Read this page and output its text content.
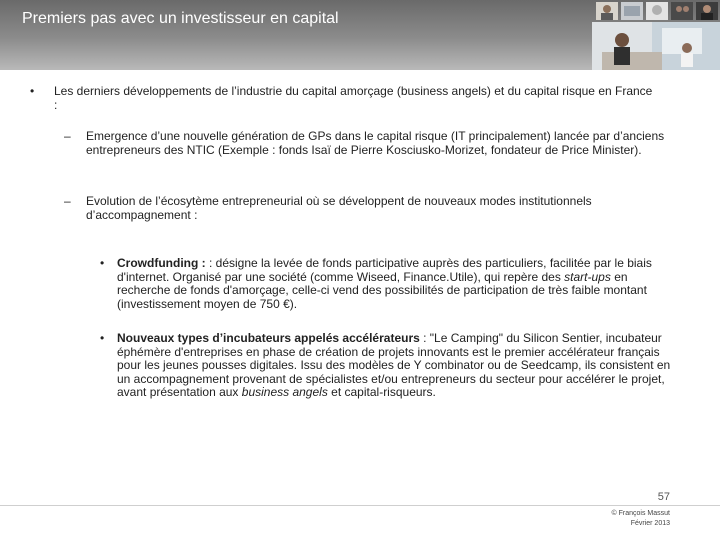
Premiers pas avec un investisseur en capital
• Les derniers développements de l’industrie du capital amorçage (business angels) et du capital risque en France :
– Emergence d’une nouvelle génération de GPs dans le capital risque (IT principalement) lancée par d’anciens entrepreneurs des NTIC (Exemple : fonds Isaï de Pierre Kosciusko-Morizet, fondateur de Price Minister).
– Evolution de l’écosytème entrepreneurial où se développent de nouveaux modes institutionnels d’accompagnement :
• Crowdfunding : : désigne la levée de fonds participative auprès des particuliers, facilitée par le biais d'internet. Organisé par une société (comme Wiseed, Finance.Utile), qui repère des start-ups en recherche de fonds d'amorçage, celle-ci vend des possibilités de participation de très faible montant (investissement moyen de 750 €).
• Nouveaux types d’incubateurs appelés accélérateurs : "Le Camping" du Silicon Sentier, incubateur éphémère d'entreprises en phase de création de projets innovants est le premier accélérateur français pour les jeunes pousses digitales. Issu des modèles de Y combinator ou de Seedcamp, ils consistent en un accompagnement provenant de spécialistes et/ou entrepreneurs du secteur pour accélérer le projet, avant présentation aux business angels et capital-risqueurs.
57
© François Massut
Février 2013
